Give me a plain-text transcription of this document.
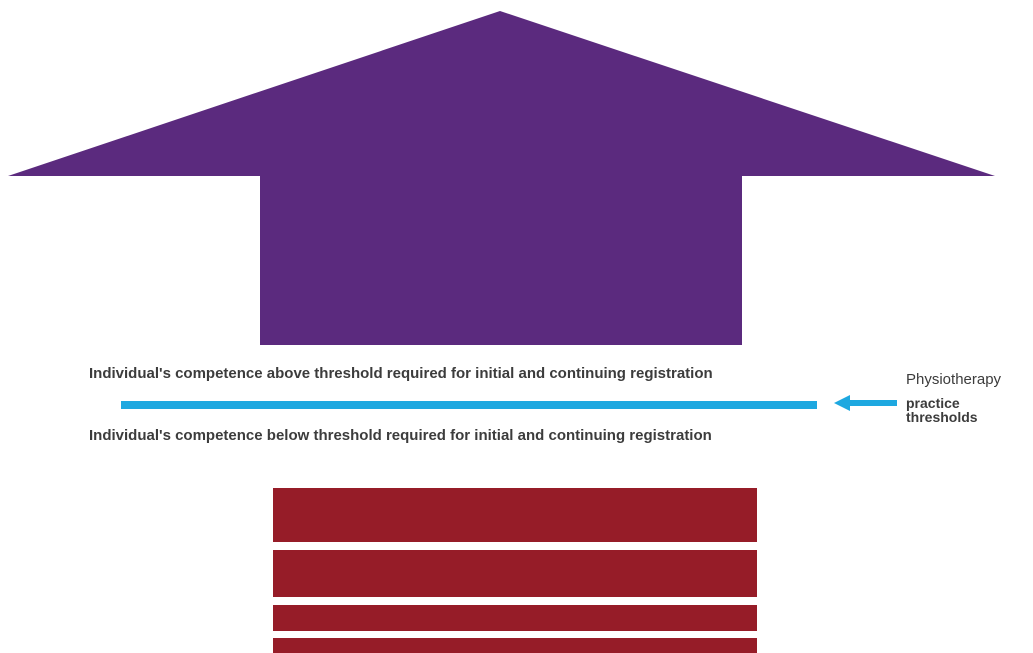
Individual's competence above threshold required for initial and continuing registration
Individual's competence below threshold required for initial and continuing registration
Physiotherapy
practice
thresholds
